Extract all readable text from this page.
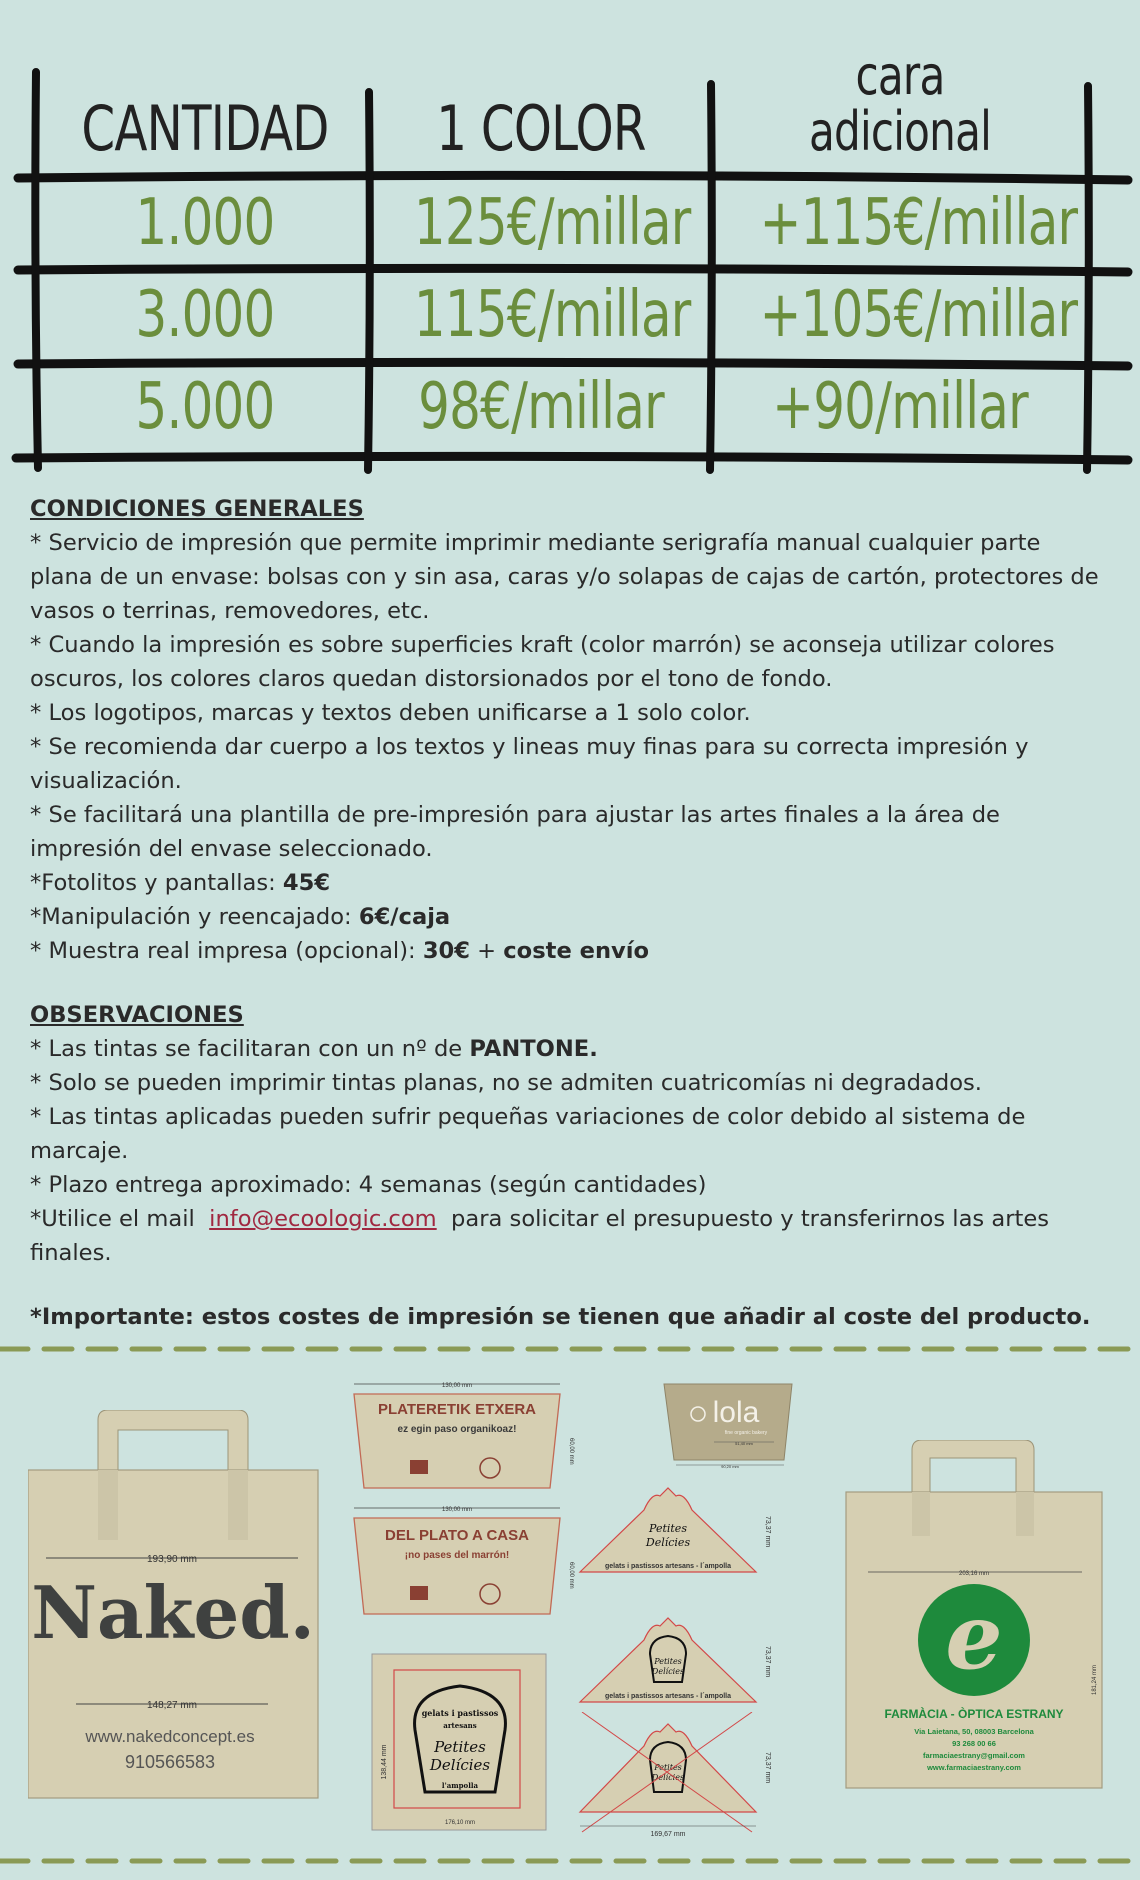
CANTIDAD	1 COLOR
cara
adicional
1.000	125€/millar +115€/millar
3.000	115€/millar +105€/millar
5.000	98€/millar +90/millar
CONDICIONES GENERALES
* Servicio de impresión que permite imprimir mediante serigrafía manual cualquier parte
plana de un envase: bolsas con y sin asa, caras y/o solapas de cajas de cartón, protectores de
vasos o terrinas, removedores, etc.
* Cuando la impresión es sobre superficies kraft (color marrón) se aconseja utilizar colores
oscuros, los colores claros quedan distorsionados por el tono de fondo.
* Los logotipos, marcas y textos deben unificarse a 1 solo color.
* Se recomienda dar cuerpo a los textos y lineas muy finas para su correcta impresión y
visualización.
* Se facilitará una plantilla de pre-impresión para ajustar las artes finales a la área de
impresión del envase seleccionado.
*Fotolitos y pantallas: 45€
*Manipulación y reencajado: 6€/caja
* Muestra real impresa (opcional): 30€ + coste envío
OBSERVACIONES
* Las tintas se facilitaran con un nº de PANTONE.
* Solo se pueden imprimir tintas planas, no se admiten cuatricomías ni degradados.
* Las tintas aplicadas pueden sufrir pequeñas variaciones de color debido al sistema de
marcaje.
* Plazo entrega aproximado: 4 semanas (según cantidades)
*Utilice el mail  info@ecoologic.com  para solicitar el presupuesto y transferirnos las artes
finales.
*Importante: estos costes de impresión se tienen que añadir al coste del producto.
193,90 mm
Naked.
148,27 mm
www.nakedconcept.es
910566583
130,00 mm
PLATERETIK ETXERA
ez egin paso organikoaz!
60,00 mm
130,00 mm
DEL PLATO A CASA
¡no pases del marrón!
60,00 mm
gelats i pastissos
artesans
Petites
Delícies
l'ampolla
138,44 mm
176,10 mm
lola
fine organic bakery
51,40 mm
90,20 mm
Petites
Delícies
gelats i pastissos artesans - l´ampolla
73,37 mm
Petites
Delícies
gelats i pastissos artesans - l´ampolla
73,37 mm
Petites
Delícies
169,67 mm
73,37 mm
203,16 mm
181,24 mm
e
FARMÀCIA - ÒPTICA ESTRANY
Via Laietana, 50, 08003 Barcelona
93 268 00 66
farmaciaestrany@gmail.com
www.farmaciaestrany.com
